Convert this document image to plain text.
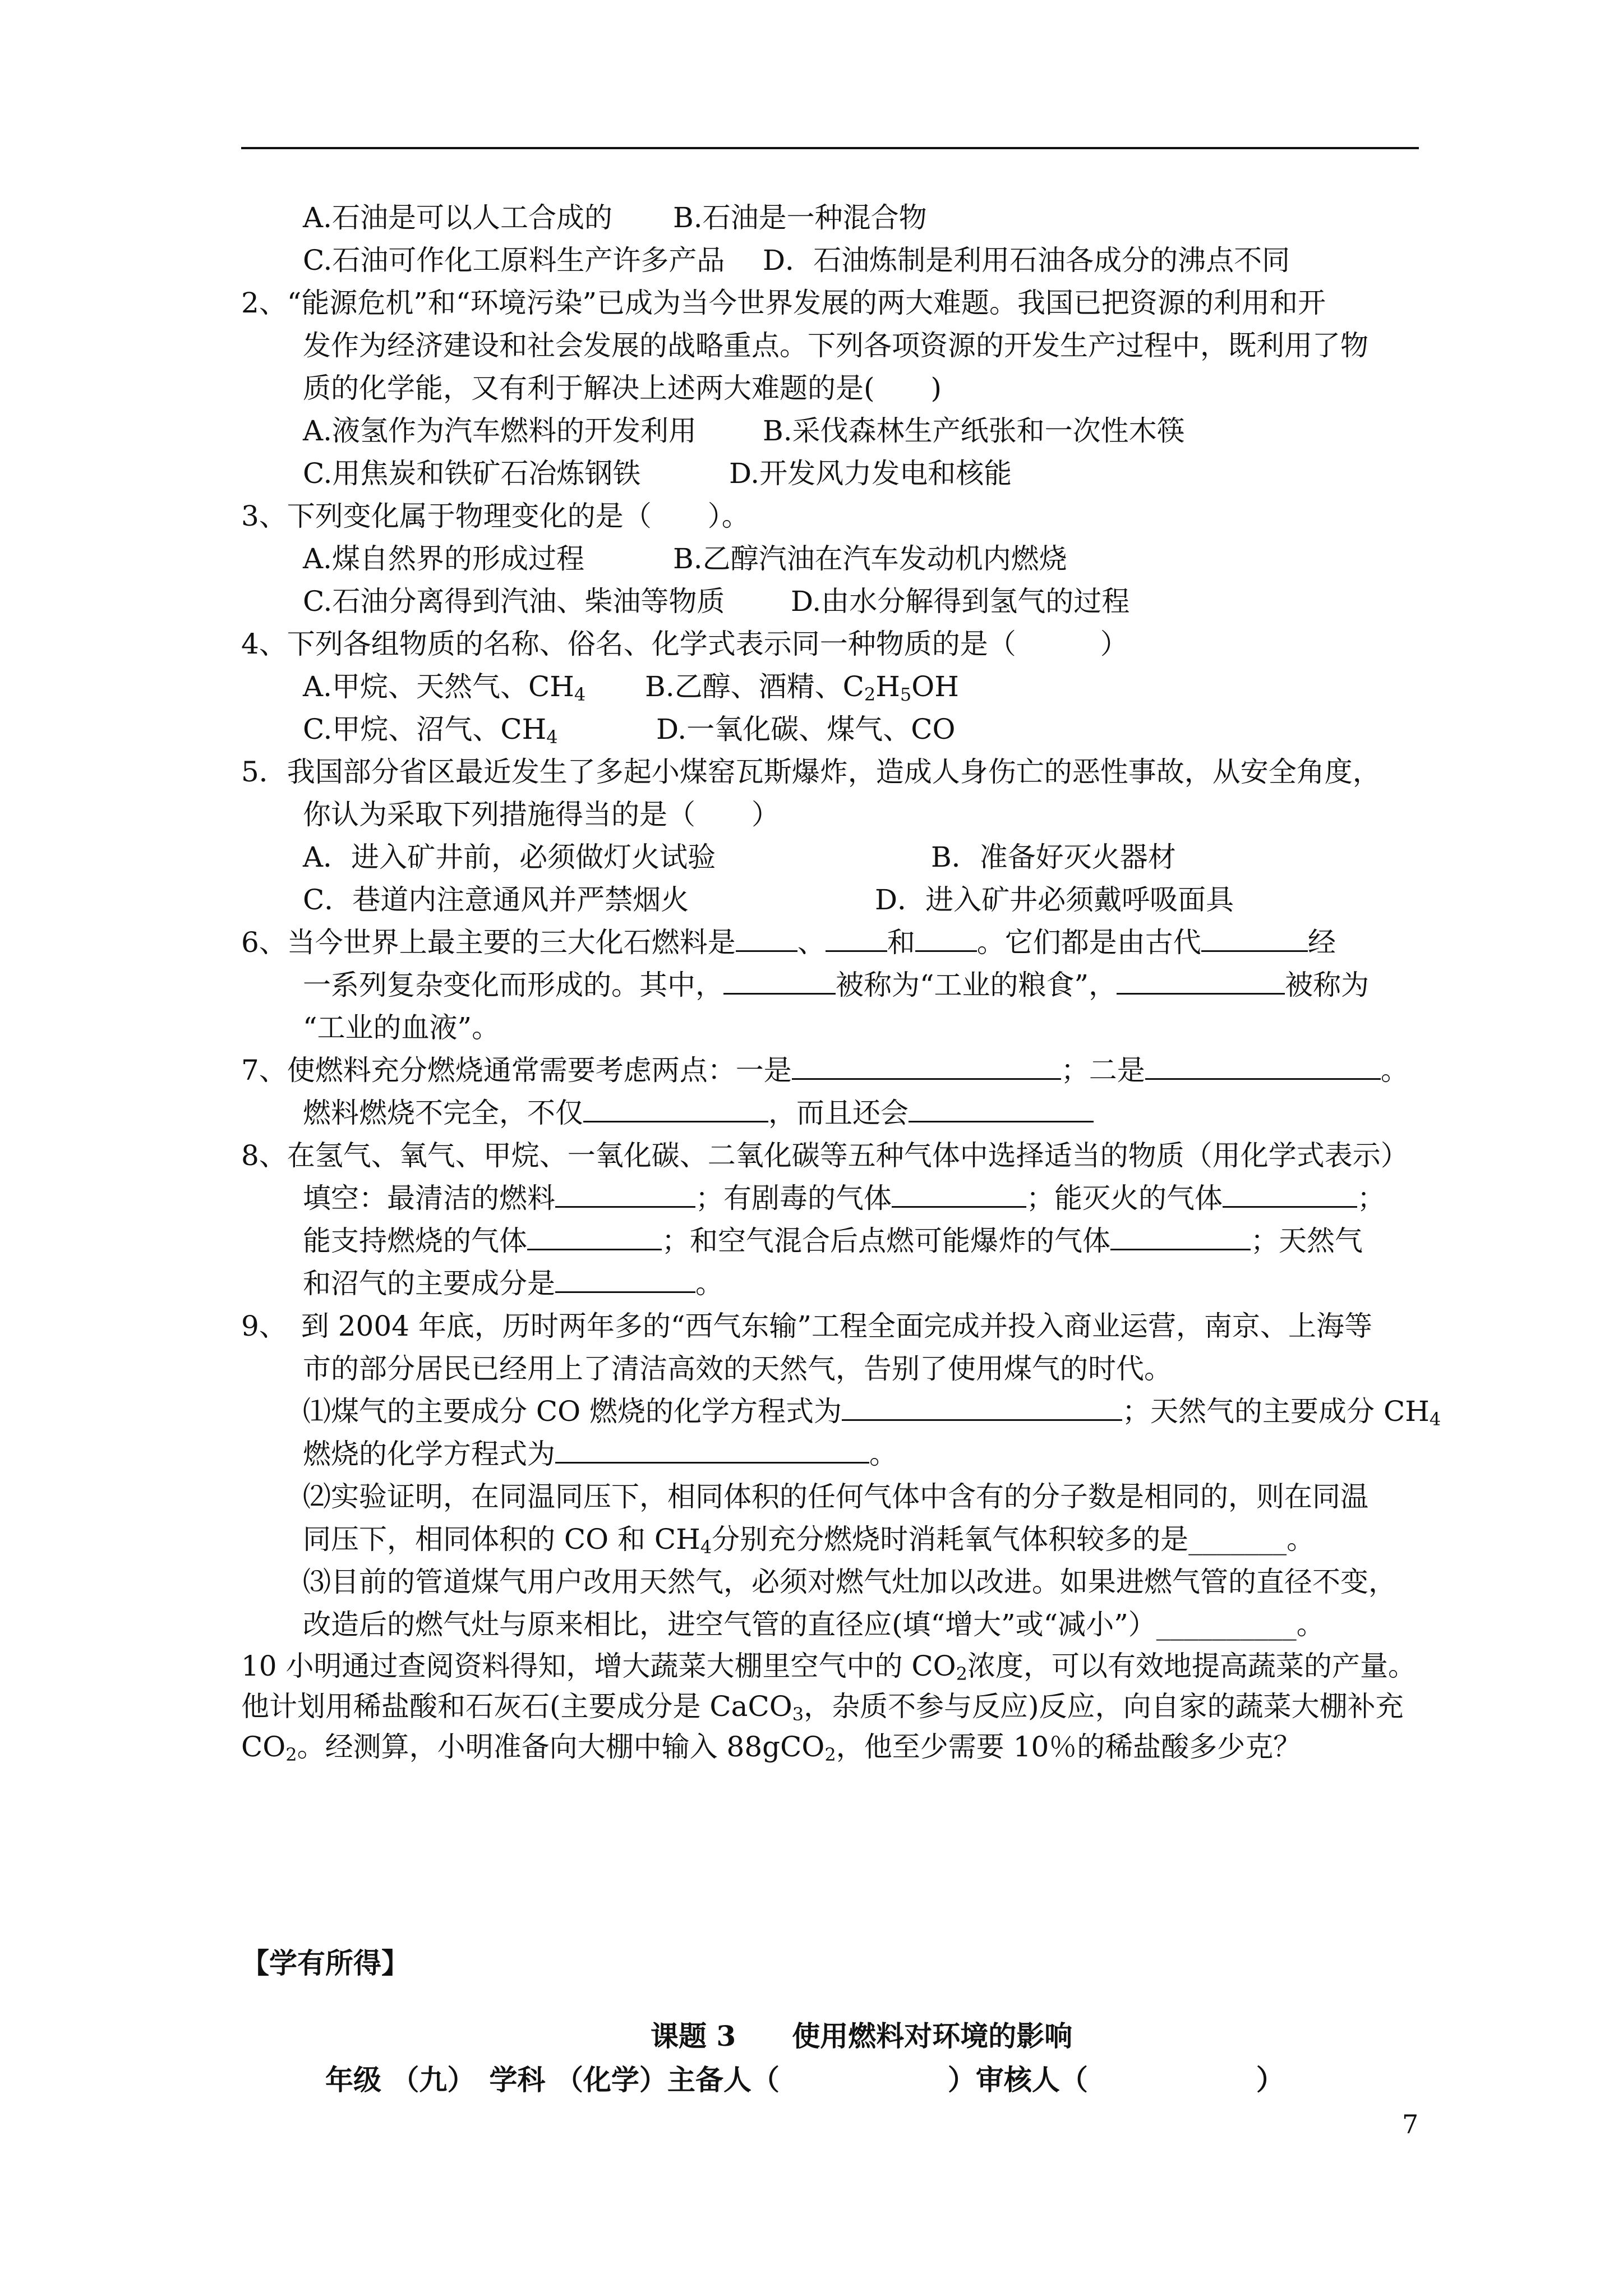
A.石油是可以人工合成的 B.石油是一种混合物
C.石油可作化工原料生产许多产品 D．石油炼制是利用石油各成分的沸点不同
2、“能源危机”和“环境污染”已成为当今世界发展的两大难题。我国已把资源的利用和开
发作为经济建设和社会发展的战略重点。下列各项资源的开发生产过程中，既利用了物
质的化学能，又有利于解决上述两大难题的是(　　)
A.液氢作为汽车燃料的开发利用 B.采伐森林生产纸张和一次性木筷
C.用焦炭和铁矿石冶炼钢铁	D.开发风力发电和核能
3、下列变化属于物理变化的是（　　）。
A.煤自然界的形成过程	B.乙醇汽油在汽车发动机内燃烧
C.石油分离得到汽油、柴油等物质 D.由水分解得到氢气的过程
4、下列各组物质的名称、俗名、化学式表示同一种物质的是（　　　）
A.甲烷、天然气、$CH_4$ B.乙醇、酒精、$C_2H_5OH$
C.甲烷、沼气、$CH_4$	D.一氧化碳、煤气、CO
5．我国部分省区最近发生了多起小煤窑瓦斯爆炸，造成人身伤亡的恶性事故，从安全角度，
你认为采取下列措施得当的是（　　）
A．进入矿井前，必须做灯火试验	B．准备好灭火器材
C．巷道内注意通风并严禁烟火	D．进入矿井必须戴呼吸面具
6、当今世界上最主要的三大化石燃料是 、 和 。它们都是由古代	经
一系列复杂变化而形成的。其中，	被称为“工业的粮食”，	被称为
“工业的血液”。
7、使燃料充分燃烧通常需要考虑两点：一是	；二是	。
燃料燃烧不完全，不仅	，而且还会
8、在氢气、氧气、甲烷、一氧化碳、二氧化碳等五种气体中选择适当的物质（用化学式表示）
填空：最清洁的燃料	；有剧毒的气体	；能灭火的气体	；
能支持燃烧的气体	；和空气混合后点燃可能爆炸的气体	；天然气
和沼气的主要成分是	。
9、　到 2004 年底，历时两年多的“西气东输”工程全面完成并投入商业运营，南京、上海等
市的部分居民已经用上了清洁高效的天然气，告别了使用煤气的时代。
⑴煤气的主要成分 CO 燃烧的化学方程式为	；天然气的主要成分 $CH_4$
燃烧的化学方程式为	。
⑵实验证明，在同温同压下，相同体积的任何气体中含有的分子数是相同的，则在同温
同压下，相同体积的 CO 和 $CH_4$分别充分燃烧时消耗氧气体积较多的是_______。
⑶目前的管道煤气用户改用天然气，必须对燃气灶加以改进。如果进燃气管的直径不变，
改造后的燃气灶与原来相比，进空气管的直径应(填“增大”或“减小”）__________。
10 小明通过查阅资料得知，增大蔬菜大棚里空气中的 $CO_2$浓度，可以有效地提高蔬菜的产量。
他计划用稀盐酸和石灰石(主要成分是 CaCO$_3$，杂质不参与反应)反应，向自家的蔬菜大棚补充
$CO_2$。经测算，小明准备向大棚中输入 88gCO$_2$，他至少需要 10％的稀盐酸多少克？
【学有所得】
课题 3　　使用燃料对环境的影响
年级 （九）　学科 （化学）主备人（　　　　　　）审核人（　　　　　　）
7
